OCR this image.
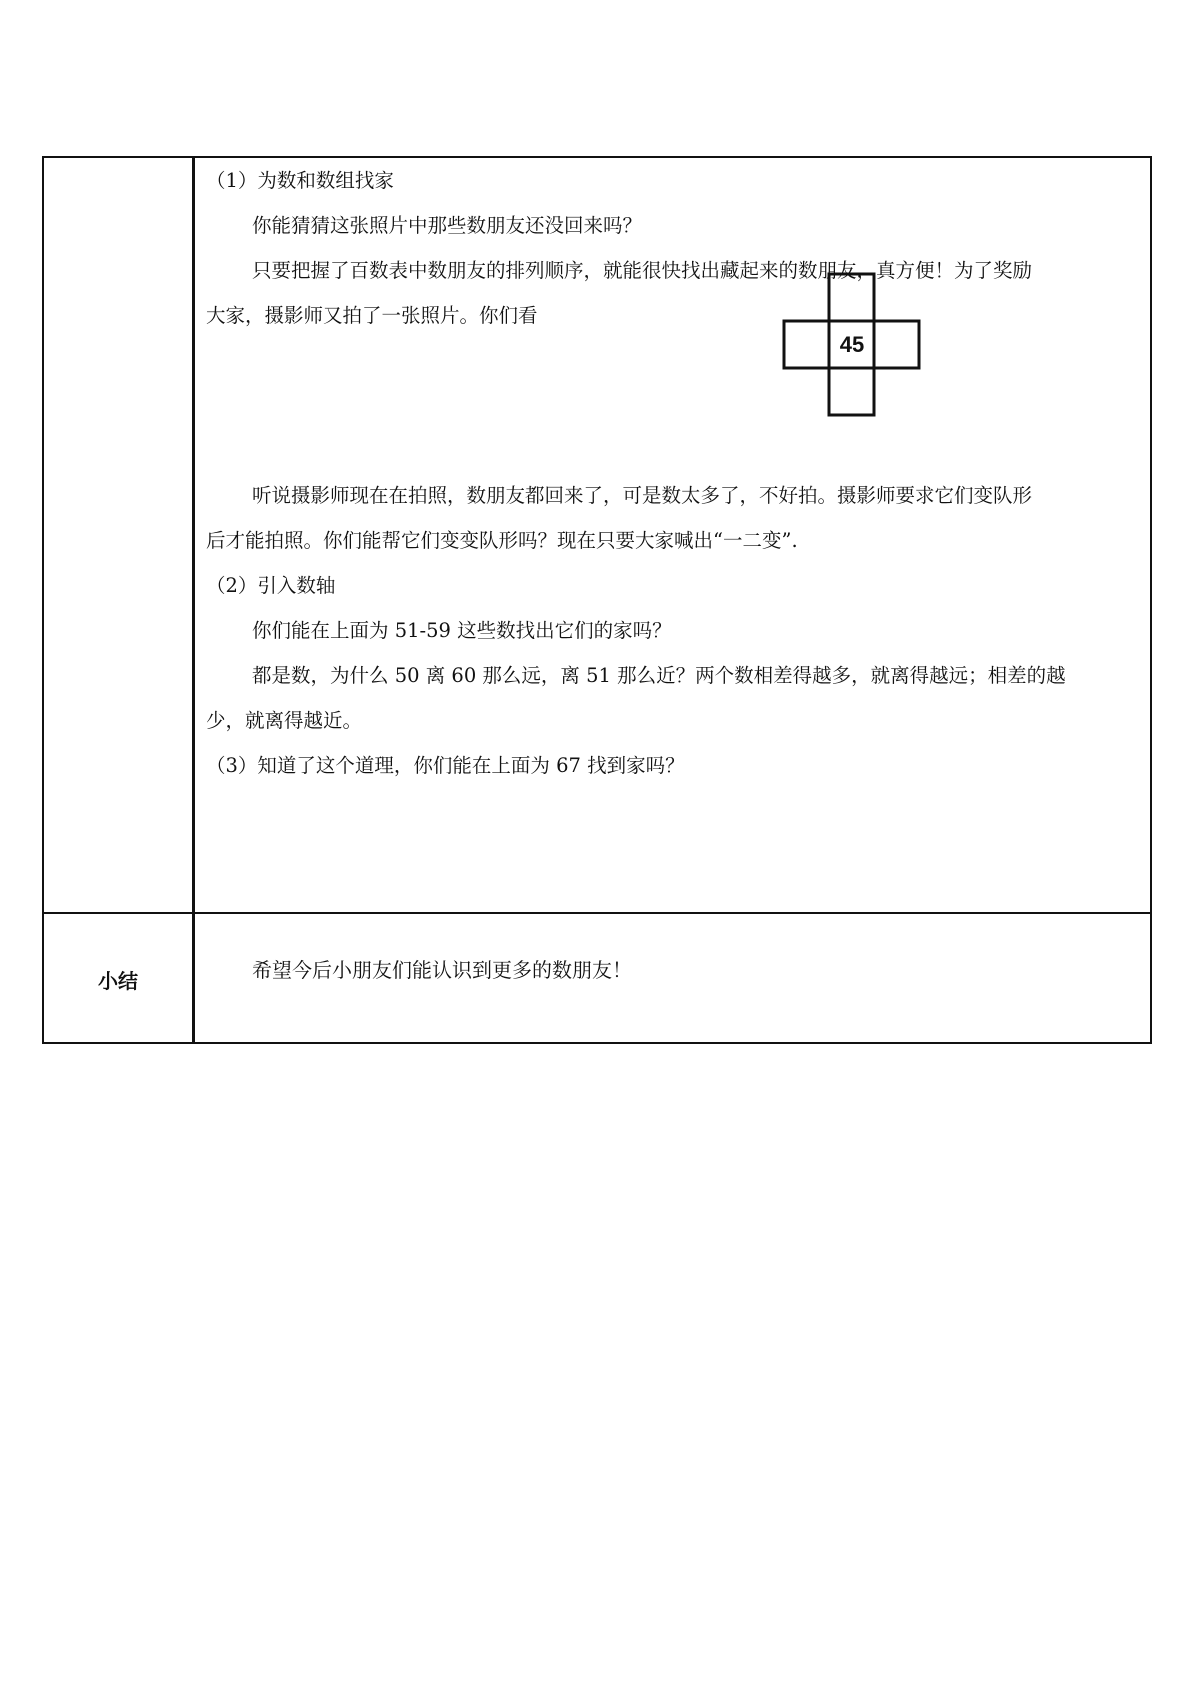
（1）为数和数组找家

你能猜猜这张照片中那些数朋友还没回来吗？

只要把握了百数表中数朋友的排列顺序，就能很快找出藏起来的数朋友，真方便！为了奖励

大家，摄影师又拍了一张照片。你们看

听说摄影师现在在拍照，数朋友都回来了，可是数太多了，不好拍。摄影师要求它们变队形

后才能拍照。你们能帮它们变变队形吗？现在只要大家喊出“一二变”.

（2）引入数轴

你们能在上面为 51-59 这些数找出它们的家吗？

都是数，为什么 50 离 60 那么远，离 51 那么近？两个数相差得越多，就离得越远；相差的越

少，就离得越近。

（3）知道了这个道理，你们能在上面为 67 找到家吗？

45
小结	希望今后小朋友们能认识到更多的数朋友！
